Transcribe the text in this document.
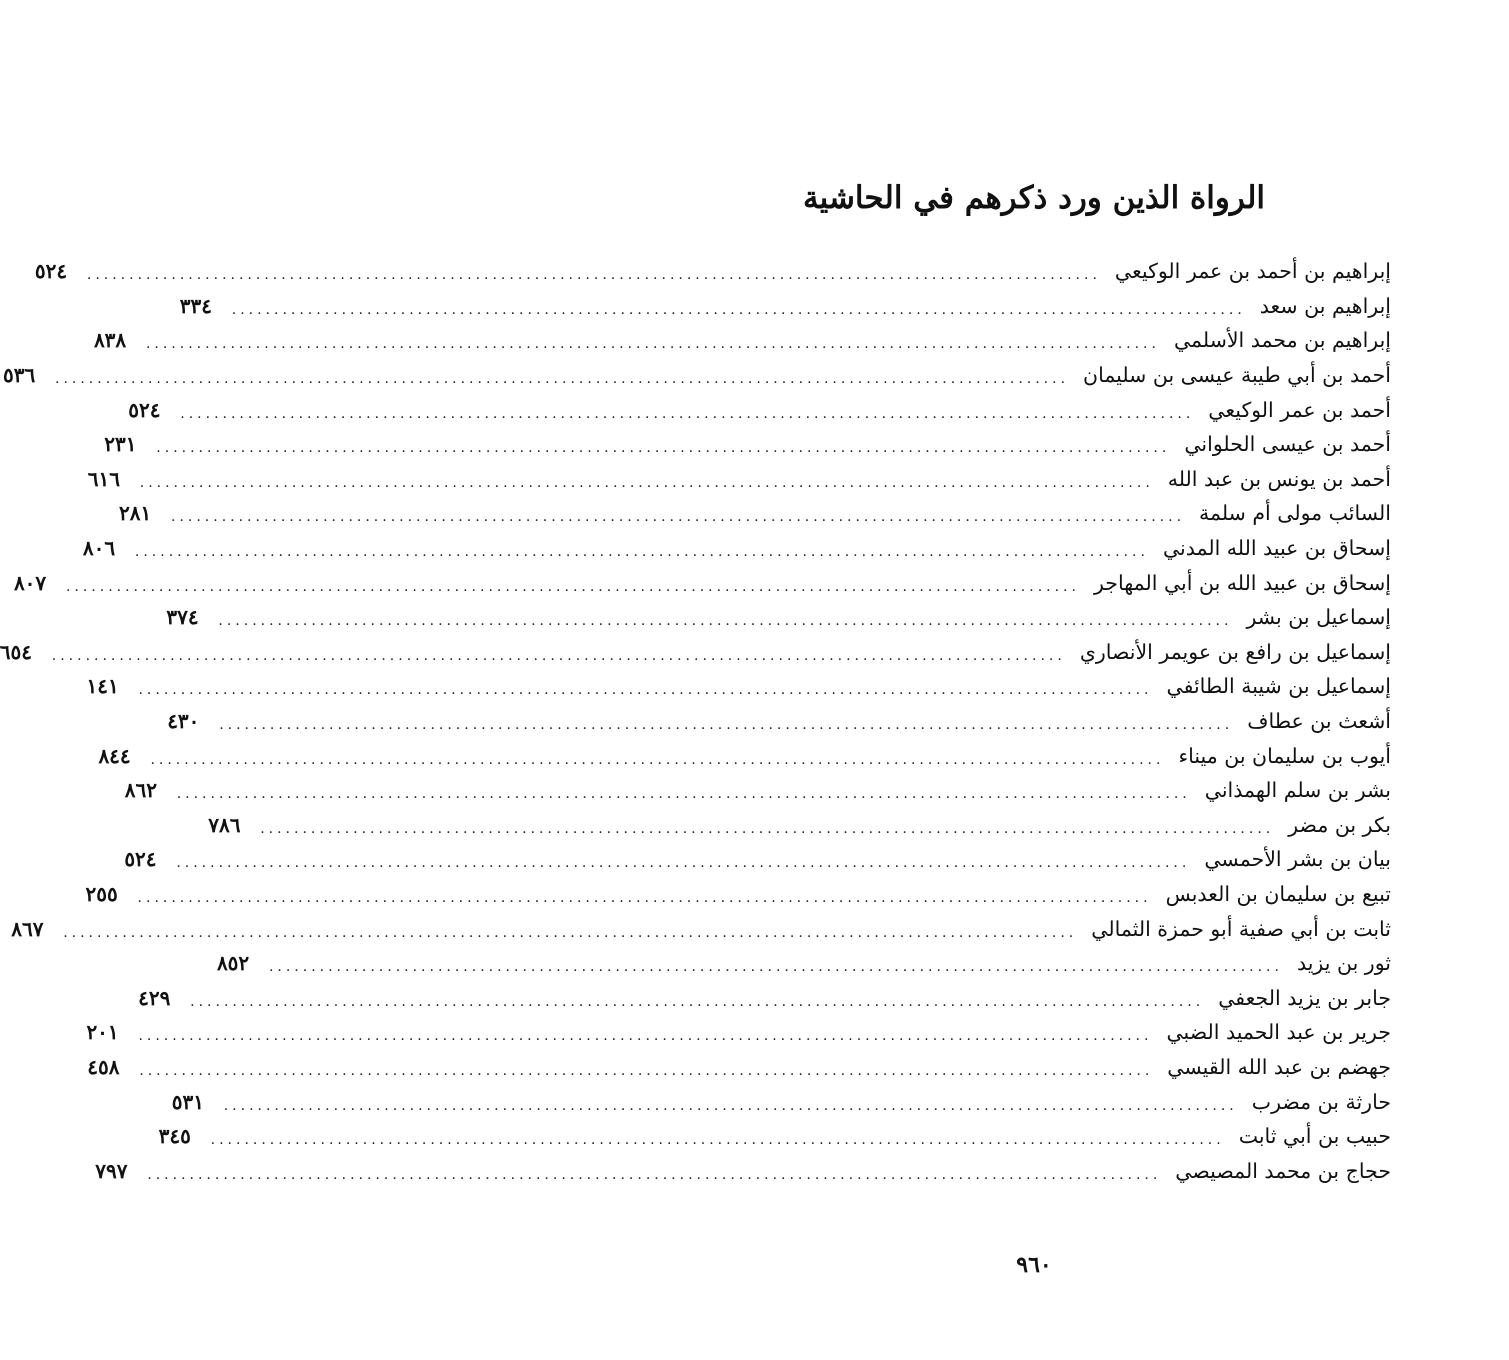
الرواة الذين ورد ذكرهم في الحاشية
إبراهيم بن أحمد بن عمر الوكيعي
........................................................................................................................
٥٢٤
إبراهيم بن سعد
........................................................................................................................
٣٣٤
إبراهيم بن محمد الأسلمي
........................................................................................................................
٨٣٨
أحمد بن أبي طيبة عيسى بن سليمان
........................................................................................................................
٥٣٦
أحمد بن عمر الوكيعي
........................................................................................................................
٥٢٤
أحمد بن عيسى الحلواني
........................................................................................................................
٢٣١
أحمد بن يونس بن عبد الله
........................................................................................................................
٦١٦
السائب مولى أم سلمة
........................................................................................................................
٢٨١
إسحاق بن عبيد الله المدني
........................................................................................................................
٨٠٦
إسحاق بن عبيد الله بن أبي المهاجر
........................................................................................................................
٨٠٧
إسماعيل بن بشر
........................................................................................................................
٣٧٤
إسماعيل بن رافع بن عويمر الأنصاري
........................................................................................................................
٦٥٤
إسماعيل بن شيبة الطائفي
........................................................................................................................
١٤١
أشعث بن عطاف
........................................................................................................................
٤٣٠
أيوب بن سليمان بن ميناء
........................................................................................................................
٨٤٤
بشر بن سلم الهمذاني
........................................................................................................................
٨٦٢
بكر بن مضر
........................................................................................................................
٧٨٦
بيان بن بشر الأحمسي
........................................................................................................................
٥٢٤
تبيع بن سليمان بن العدبس
........................................................................................................................
٢٥٥
ثابت بن أبي صفية أبو حمزة الثمالي
........................................................................................................................
٨٦٧
ثور بن يزيد
........................................................................................................................
٨٥٢
جابر بن يزيد الجعفي
........................................................................................................................
٤٢٩
جرير بن عبد الحميد الضبي
........................................................................................................................
٢٠١
جهضم بن عبد الله القيسي
........................................................................................................................
٤٥٨
حارثة بن مضرب
........................................................................................................................
٥٣١
حبيب بن أبي ثابت
........................................................................................................................
٣٤٥
حجاج بن محمد المصيصي
........................................................................................................................
٧٩٧
٩٦٠
